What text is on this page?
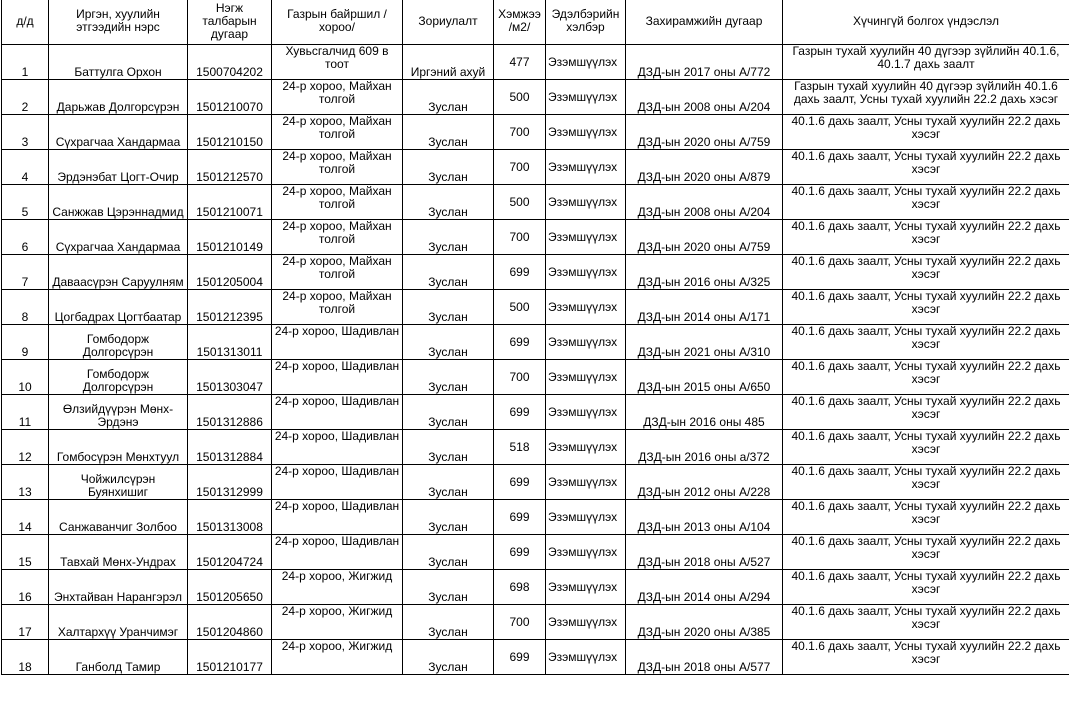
д/д	Иргэн, хуулийн этгээдийн нэрс	Нэгж талбарын дугаар	Газрын байршил /хороо/	Зориулалт	Хэмжээ /м2/	Эдэлбэрийн хэлбэр	Захирамжийн дугаар	Хүчингүй болгох үндэслэл
1	Баттулга Орхон	1500704202	Хувьсгалчид 609 в тоот	Иргэний ахуй	477	Эзэмшүүлэх	ДЗД-ын 2017 оны А/772	Газрын тухай хуулийн 40 дүгээр зүйлийн 40.1.6, 40.1.7 дахь заалт
2	Дарьжав Долгорсүрэн	1501210070	24-р хороо, Майхан толгой	Зуслан	500	Эзэмшүүлэх	ДЗД-ын 2008 оны А/204	Газрын тухай хуулийн 40 дүгээр зүйлийн 40.1.6 дахь заалт, Усны тухай хуулийн 22.2 дахь хэсэг
3	Сүхрагчаа Хандармаа	1501210150	24-р хороо, Майхан толгой	Зуслан	700	Эзэмшүүлэх	ДЗД-ын 2020 оны А/759	40.1.6 дахь заалт, Усны тухай хуулийн 22.2 дахь хэсэг
4	Эрдэнэбат Цогт-Очир	1501212570	24-р хороо, Майхан толгой	Зуслан	700	Эзэмшүүлэх	ДЗД-ын 2020 оны А/879	40.1.6 дахь заалт, Усны тухай хуулийн 22.2 дахь хэсэг
5	Санжжав Цэрэннадмид	1501210071	24-р хороо, Майхан толгой	Зуслан	500	Эзэмшүүлэх	ДЗД-ын 2008 оны А/204	40.1.6 дахь заалт, Усны тухай хуулийн 22.2 дахь хэсэг
6	Сүхрагчаа Хандармаа	1501210149	24-р хороо, Майхан толгой	Зуслан	700	Эзэмшүүлэх	ДЗД-ын 2020 оны А/759	40.1.6 дахь заалт, Усны тухай хуулийн 22.2 дахь хэсэг
7	Даваасүрэн Саруулням	1501205004	24-р хороо, Майхан толгой	Зуслан	699	Эзэмшүүлэх	ДЗД-ын 2016 оны А/325	40.1.6 дахь заалт, Усны тухай хуулийн 22.2 дахь хэсэг
8	Цогбадрах Цогтбаатар	1501212395	24-р хороо, Майхан толгой	Зуслан	500	Эзэмшүүлэх	ДЗД-ын 2014 оны А/171	40.1.6 дахь заалт, Усны тухай хуулийн 22.2 дахь хэсэг
9	Гомбодорж Долгорсүрэн	1501313011	24-р хороо, Шадивлан	Зуслан	699	Эзэмшүүлэх	ДЗД-ын 2021 оны А/310	40.1.6 дахь заалт, Усны тухай хуулийн 22.2 дахь хэсэг
10	Гомбодорж Долгорсүрэн	1501303047	24-р хороо, Шадивлан	Зуслан	700	Эзэмшүүлэх	ДЗД-ын 2015 оны А/650	40.1.6 дахь заалт, Усны тухай хуулийн 22.2 дахь хэсэг
11	Өлзийдүүрэн Мөнх-Эрдэнэ	1501312886	24-р хороо, Шадивлан	Зуслан	699	Эзэмшүүлэх	ДЗД-ын 2016 оны 485	40.1.6 дахь заалт, Усны тухай хуулийн 22.2 дахь хэсэг
12	Гомбосүрэн Мөнхтуул	1501312884	24-р хороо, Шадивлан	Зуслан	518	Эзэмшүүлэх	ДЗД-ын 2016 оны а/372	40.1.6 дахь заалт, Усны тухай хуулийн 22.2 дахь хэсэг
13	Чойжилсүрэн Буянхишиг	1501312999	24-р хороо, Шадивлан	Зуслан	699	Эзэмшүүлэх	ДЗД-ын 2012 оны А/228	40.1.6 дахь заалт, Усны тухай хуулийн 22.2 дахь хэсэг
14	Санжаванчиг Золбоо	1501313008	24-р хороо, Шадивлан	Зуслан	699	Эзэмшүүлэх	ДЗД-ын 2013 оны А/104	40.1.6 дахь заалт, Усны тухай хуулийн 22.2 дахь хэсэг
15	Тавхай Мөнх-Ундрах	1501204724	24-р хороо, Шадивлан	Зуслан	699	Эзэмшүүлэх	ДЗД-ын 2018 оны А/527	40.1.6 дахь заалт, Усны тухай хуулийн 22.2 дахь хэсэг
16	Энхтайван Нарангэрэл	1501205650	24-р хороо, Жигжид	Зуслан	698	Эзэмшүүлэх	ДЗД-ын 2014 оны А/294	40.1.6 дахь заалт, Усны тухай хуулийн 22.2 дахь хэсэг
17	Халтархүү Уранчимэг	1501204860	24-р хороо, Жигжид	Зуслан	700	Эзэмшүүлэх	ДЗД-ын 2020 оны А/385	40.1.6 дахь заалт, Усны тухай хуулийн 22.2 дахь хэсэг
18	Ганболд Тамир	1501210177	24-р хороо, Жигжид	Зуслан	699	Эзэмшүүлэх	ДЗД-ын 2018 оны А/577	40.1.6 дахь заалт, Усны тухай хуулийн 22.2 дахь хэсэг
